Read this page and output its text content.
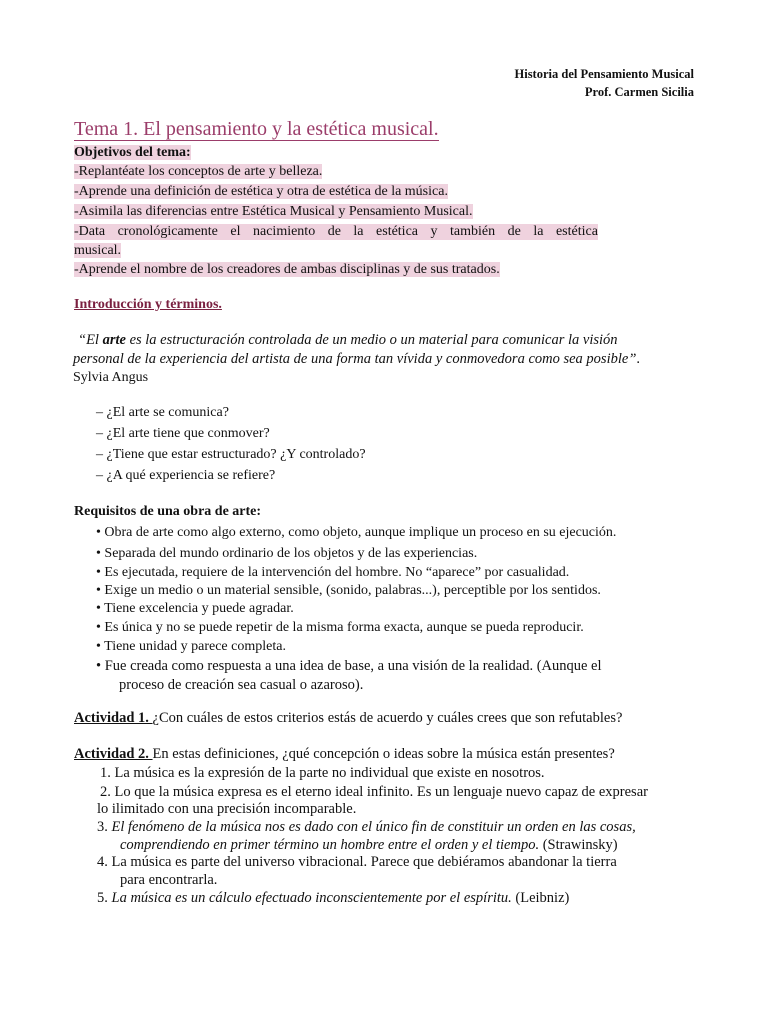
Historia del Pensamiento Musical
Prof. Carmen Sicilia
Tema 1. El pensamiento y la estética musical.
Objetivos del tema:
-Replantéate los conceptos de arte y belleza.
-Aprende una definición de estética y otra de estética de la música.
-Asimila las diferencias entre Estética Musical y Pensamiento Musical.
-Data cronológicamente el nacimiento de la estética y también de la estética
musical.
-Aprende el nombre de los creadores de ambas disciplinas y de sus tratados.
Introducción y términos.
“El arte es la estructuración controlada de un medio o un material para comunicar la visión
personal de la experiencia del artista de una forma tan vívida y conmovedora como sea posible”.
Sylvia Angus
– ¿El arte se comunica?
– ¿El arte tiene que conmover?
– ¿Tiene que estar estructurado? ¿Y controlado?
– ¿A qué experiencia se refiere?
Requisitos de una obra de arte:
• Obra de arte como algo externo, como objeto, aunque implique un proceso en su ejecución.
• Separada del mundo ordinario de los objetos y de las experiencias.
• Es ejecutada, requiere de la intervención del hombre. No “aparece” por casualidad.
• Exige un medio o un material sensible, (sonido, palabras...), perceptible por los sentidos.
• Tiene excelencia y puede agradar.
• Es única y no se puede repetir de la misma forma exacta, aunque se pueda reproducir.
• Tiene unidad y parece completa.
• Fue creada como respuesta a una idea de base, a una visión de la realidad. (Aunque el
proceso de creación sea casual o azaroso).
Actividad 1. ¿Con cuáles de estos criterios estás de acuerdo y cuáles crees que son refutables?
Actividad 2. En estas definiciones, ¿qué concepción o ideas sobre la música están presentes?
1. La música es la expresión de la parte no individual que existe en nosotros.
2. Lo que la música expresa es el eterno ideal infinito. Es un lenguaje nuevo capaz de expresar
lo ilimitado con una precisión incomparable.
3. El fenómeno de la música nos es dado con el único fin de constituir un orden en las cosas,
comprendiendo en primer término un hombre entre el orden y el tiempo. (Strawinsky)
4. La música es parte del universo vibracional. Parece que debiéramos abandonar la tierra
para encontrarla.
5. La música es un cálculo efectuado inconscientemente por el espíritu. (Leibniz)
